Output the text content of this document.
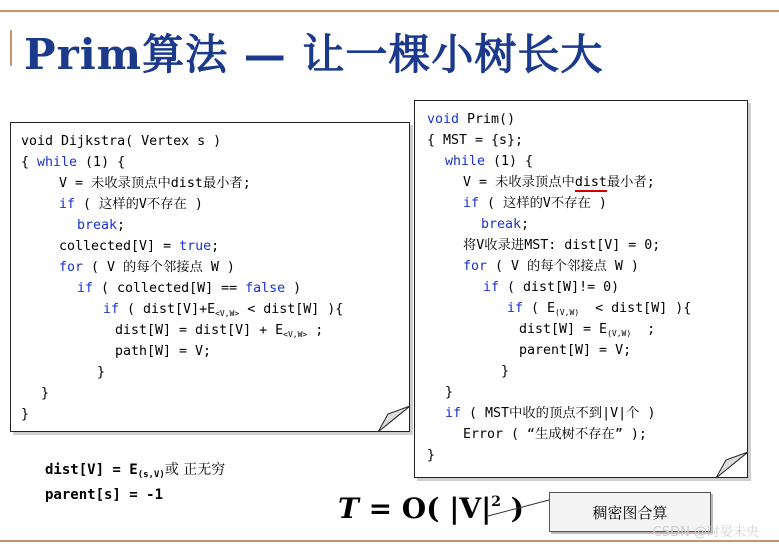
Prim算法 — 让一棵小树长大

void Dijkstra( Vertex s )

{ while (1) {

V = 未收录顶点中dist最小者;

if ( 这样的V不存在 )

break;

collected[V] = true;

for ( V 的每个邻接点 W )

if ( collected[W] == false )

if ( $dist[V]+E_{<V,W>}$ < dist[W] ){

dist[W] = dist[V] + $E_{<V,W>}$ ;

path[W] = V;

}

}

}

void Prim()

{ MST = {s};

while (1) {

V = 未收录顶点中dist最小者;

if ( 这样的V不存在 )

break;

将V收录进MST: dist[V] = 0;

for ( V 的每个邻接点 W )

if ( dist[W]!= 0)

if ( $E_{(V,W)}$  < dist[W] ){

dist[W] = $E_{(V,W)}$  ;

parent[W] = V;

}

}

if ( MST中收的顶点不到|V|个 )

Error ( “生成树不存在” );

}

dist[V] = $E_{(s,V)}$或 正无穷
parent[s] = -1	T = O( $|V|^2$ )	稠密图合算
CSDN @时晏未央
